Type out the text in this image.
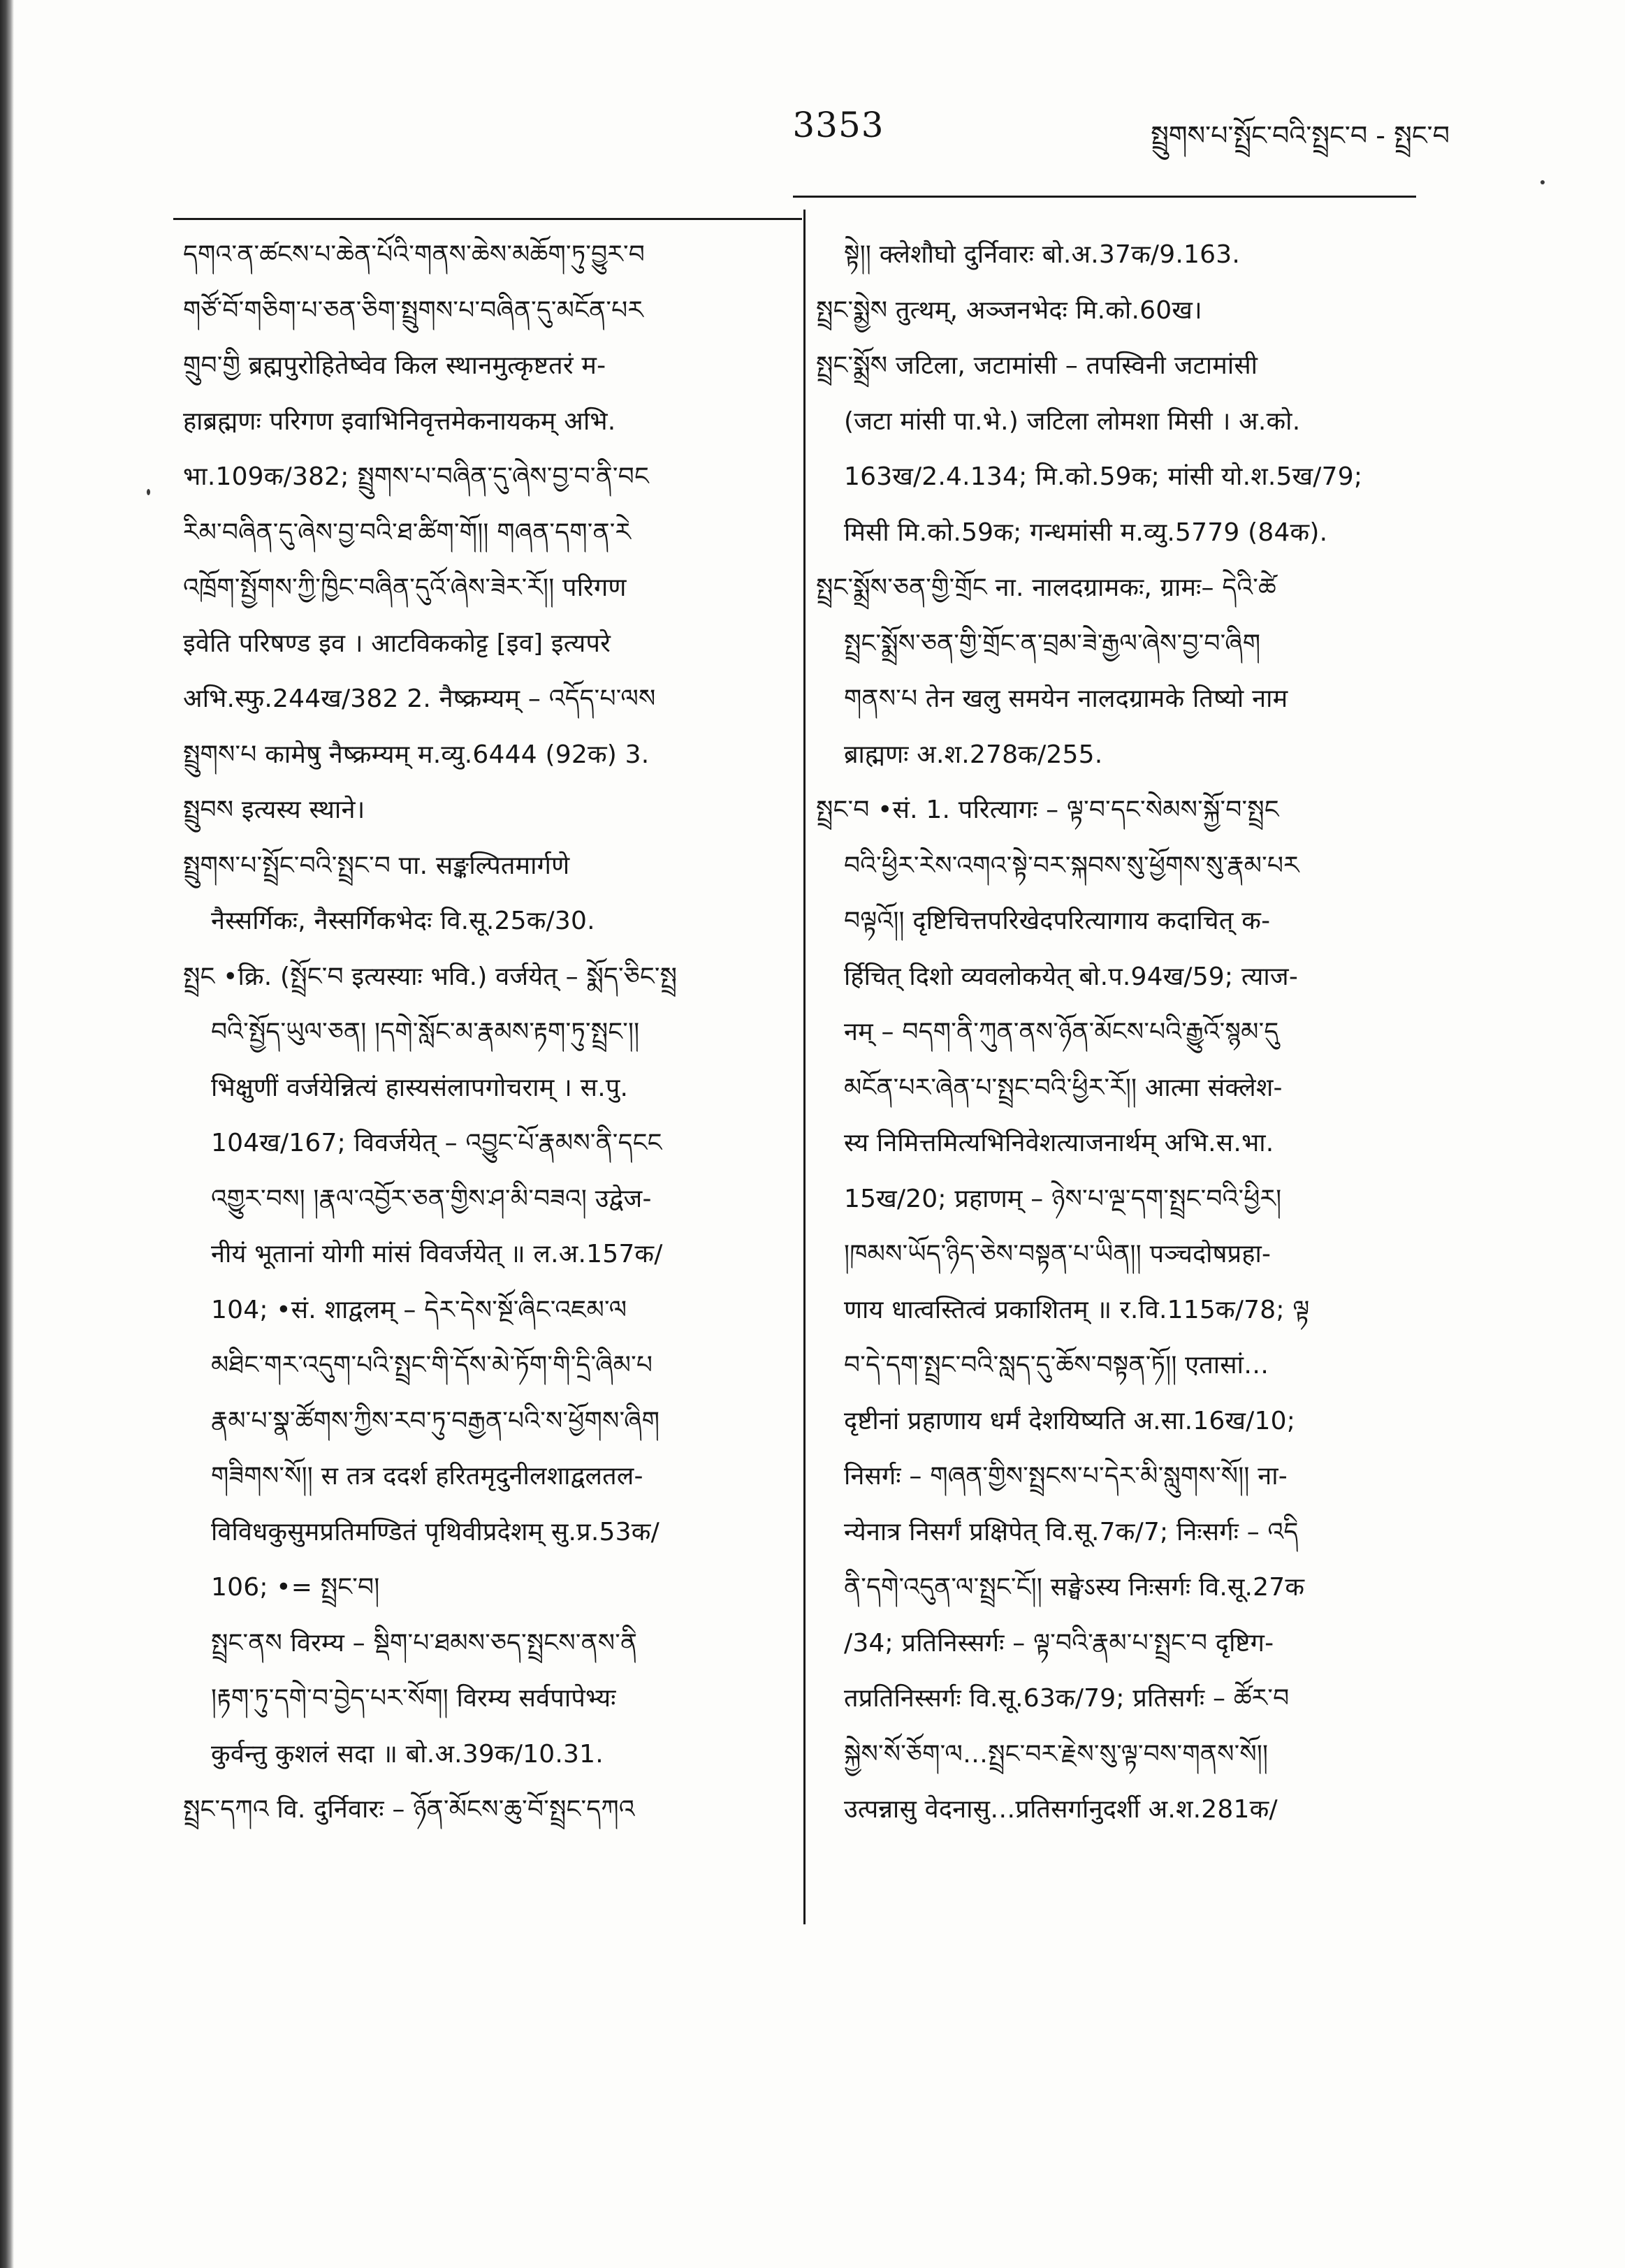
3353	སྤྲུགས་པ་སྤྲོང་བའི་སྤྲང་བ - སྤྲང་བ
དགའ་ན་ཚངས་པ་ཆེན་པོའི་གནས་ཆེས་མཆོག་ཏུ་བྱུར་བ
གཙོ་བོ་གཅིག་པ་ཅན་ཅིག་སྤྲུགས་པ་བཞིན་དུ་མངོན་པར
གྲུབ་གྱི ब्रह्मपुरोहितेष्वेव किल स्थानमुत्कृष्टतरं म-
हाब्रह्मणः परिगण इवाभिनिवृत्तमेकनायकम् अभि.
भा.109क/382; སྤྲུགས་པ་བཞིན་དུ་ཞེས་བྱ་བ་ནི་བང
རིམ་བཞིན་དུ་ཞེས་བྱ་བའི་ཐ་ཚིག་གོ།། གཞན་དག་ན་རེ
འཁྲོག་སྤྱོགས་ཀྱི་ཁྱིང་བཞིན་དུའོ་ཞེས་ཟེར་རོ།། परिगण
इवेति परिषण्ड इव । आटविककोट्ट [इव] इत्यपरे
अभि.स्फु.244ख/382 2. नैष्क्रम्यम् – འདོད་པ་ལས
སྤྲུགས་པ कामेषु नैष्क्रम्यम् म.व्यु.6444 (92क) 3.
སྤྲུབས इत्यस्य स्थाने।
སྤྲུགས་པ་སྤྲོང་བའི་སྤྲང་བ पा. सङ्कल्पितमार्गणे
नैस्सर्गिकः, नैस्सर्गिकभेदः वि.सू.25क/30.
སྤྲང •क्रि. (སྤྲོང་བ इत्यस्याः भवि.) वर्जयेत् – སྨོད་ཅིང་སྤྲ
བའི་སྤྱོད་ཡུལ་ཅན། །དགེ་སློང་མ་རྣམས་རྟག་ཏུ་སྤྲང་།།
भिक्षुणीं वर्जयेन्नित्यं हास्यसंलापगोचराम् । स.पु.
104ख/167; विवर्जयेत् – འབྱུང་པོ་རྣམས་ནི་དངང
འགྱུར་བས། །རྣལ་འབྱོར་ཅན་གྱིས་ཤ་མི་བཟའ། उद्वेज-
नीयं भूतानां योगी मांसं विवर्जयेत् ॥ ल.अ.157क/
104; •सं. शाद्वलम् – དེར་དེས་སྔོ་ཞིང་འཇམ་ལ
མཐིང་གར་འདུག་པའི་སྤྲང་གི་དོས་མེ་ཏོག་གི་དྲི་ཞིམ་པ
རྣམ་པ་སྣ་ཚོགས་ཀྱིས་རབ་ཏུ་བརྒྱན་པའི་ས་ཕྱོགས་ཞིག
གཟིགས་སོ།། स तत्र ददर्श हरितमृदुनीलशाद्वलतल-
विविधकुसुमप्रतिमण्डितं पृथिवीप्रदेशम् सु.प्र.53क/
106; •= སྤྲང་བ།
སྤྲང་ནས विरम्य – སྡིག་པ་ཐམས་ཅད་སྤྲངས་ནས་ནི
།རྟག་ཏུ་དགེ་བ་བྱེད་པར་སོག། विरम्य सर्वपापेभ्यः
कुर्वन्तु कुशलं सदा ॥ बो.अ.39क/10.31.
སྤྲང་དཀའ वि. दुर्निवारः – ཉོན་མོངས་ཆུ་བོ་སྤྲང་དཀའ
སྟེ།། क्लेशौघो दुर्निवारः बो.अ.37क/9.163.
སྤྲང་སྨྱེས तुत्थम्, अञ्जनभेदः मि.को.60ख।
སྤྲང་སྨྲོས जटिला, जटामांसी – तपस्विनी जटामांसी
(जटा मांसी पा.भे.) जटिला लोमशा मिसी । अ.को.
163ख/2.4.134; मि.को.59क; मांसी यो.श.5ख/79;
मिसी मि.को.59क; गन्धमांसी म.व्यु.5779 (84क).
སྤྲང་སྨྲོས་ཅན་གྱི་གྲོང ना. नालदग्रामकः, ग्रामः– དེའི་ཚེ
སྤྲང་སྨྲོས་ཅན་གྱི་གྲོང་ན་བྲམ་ཟེ་རྒྱལ་ཞེས་བྱ་བ་ཞིག
གནས་པ तेन खलु समयेन नालदग्रामके तिष्यो नाम
ब्राह्मणः अ.श.278क/255.
སྤྲང་བ •सं. 1. परित्यागः – ལྟ་བ་དང་སེམས་སྐྱོ་བ་སྤྲང
བའི་ཕྱིར་རེས་འགའ་སྟེ་བར་སྐབས་སུ་ཕྱོགས་སུ་རྣམ་པར
བལྟའོ།། दृष्टिचित्तपरिखेदपरित्यागाय कदाचित् क-
र्हिचित् दिशो व्यवलोकयेत् बो.प.94ख/59; त्याज-
नम् – བདག་ནི་ཀུན་ནས་ཉོན་མོངས་པའི་རྒྱུའོ་སྙམ་དུ
མངོན་པར་ཞེན་པ་སྤྲང་བའི་ཕྱིར་རོ།། आत्मा संक्लेश-
स्य निमित्तमित्यभिनिवेशत्याजनार्थम् अभि.स.भा.
15ख/20; प्रहाणम् – ཉེས་པ་ལྔ་དག་སྤྲང་བའི་ཕྱིར།
།ཁམས་ཡོད་ཉིད་ཅེས་བསྟན་པ་ཡིན།། पञ्चदोषप्रहा-
णाय धात्वस्तित्वं प्रकाशितम् ॥ र.वि.115क/78; ལྟ
བ་དེ་དག་སྤྲང་བའི་སླད་དུ་ཆོས་བསྟན་ཏོ།། एतासां…
दृष्टीनां प्रहाणाय धर्मं देशयिष्यति अ.सा.16ख/10;
निसर्गः – གཞན་གྱིས་སྤྲངས་པ་དེར་མི་སླུགས་སོ།། ना-
न्येनात्र निसर्गं प्रक्षिपेत् वि.सू.7क/7; निःसर्गः – འདི
ནི་དགེ་འདུན་ལ་སྤྲང་ངོ།། सङ्घेऽस्य निःसर्गः वि.सू.27क
/34; प्रतिनिस्सर्गः – ལྟ་བའི་རྣམ་པ་སྤྲང་བ दृष्टिग-
तप्रतिनिस्सर्गः वि.सू.63क/79; प्रतिसर्गः – ཚོར་བ
སྐྱེས་སོ་ཅོག་ལ…སྤྲང་བར་རྗེས་སུ་ལྟ་བས་གནས་སོ།།
उत्पन्नासु वेदनासु…प्रतिसर्गानुदर्शी अ.श.281क/
